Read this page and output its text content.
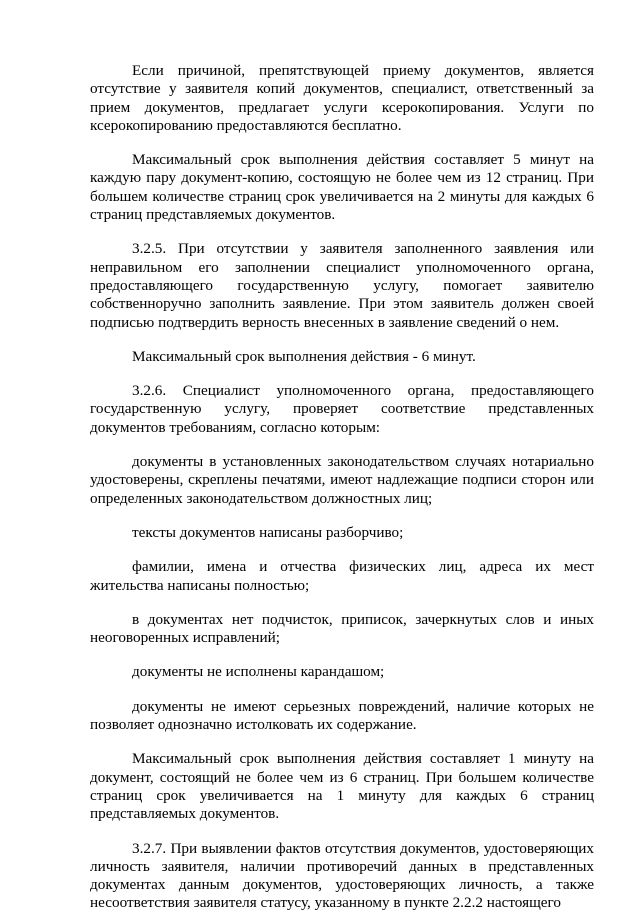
Если причиной, препятствующей приему документов, является отсутствие у заявителя копий документов, специалист, ответственный за прием документов, предлагает услуги ксерокопирования. Услуги по ксерокопированию предоставляются бесплатно.

Максимальный срок выполнения действия составляет 5 минут на каждую пару документ-копию, состоящую не более чем из 12 страниц. При большем количестве страниц срок увеличивается на 2 минуты для каждых 6 страниц представляемых документов.

3.2.5. При отсутствии у заявителя заполненного заявления или неправильном его заполнении специалист уполномоченного органа, предоставляющего государственную услугу, помогает заявителю собственноручно заполнить заявление. При этом заявитель должен своей подписью подтвердить верность внесенных в заявление сведений о нем.

Максимальный срок выполнения действия - 6 минут.

3.2.6. Специалист уполномоченного органа, предоставляющего государственную услугу, проверяет соответствие представленных документов требованиям, согласно которым:

документы в установленных законодательством случаях нотариально удостоверены, скреплены печатями, имеют надлежащие подписи сторон или определенных законодательством должностных лиц;

тексты документов написаны разборчиво;

фамилии, имена и отчества физических лиц, адреса их мест жительства написаны полностью;

в документах нет подчисток, приписок, зачеркнутых слов и иных неоговоренных исправлений;

документы не исполнены карандашом;

документы не имеют серьезных повреждений, наличие которых не позволяет однозначно истолковать их содержание.

Максимальный срок выполнения действия составляет 1 минуту на документ, состоящий не более чем из 6 страниц. При большем количестве страниц срок увеличивается на 1 минуту для каждых 6 страниц представляемых документов.

3.2.7. При выявлении фактов отсутствия документов, удостоверяющих личность заявителя, наличии противоречий данных в представленных документах данным документов, удостоверяющих личность, а также несоответствия заявителя статусу, указанному в пункте 2.2.2 настоящего
